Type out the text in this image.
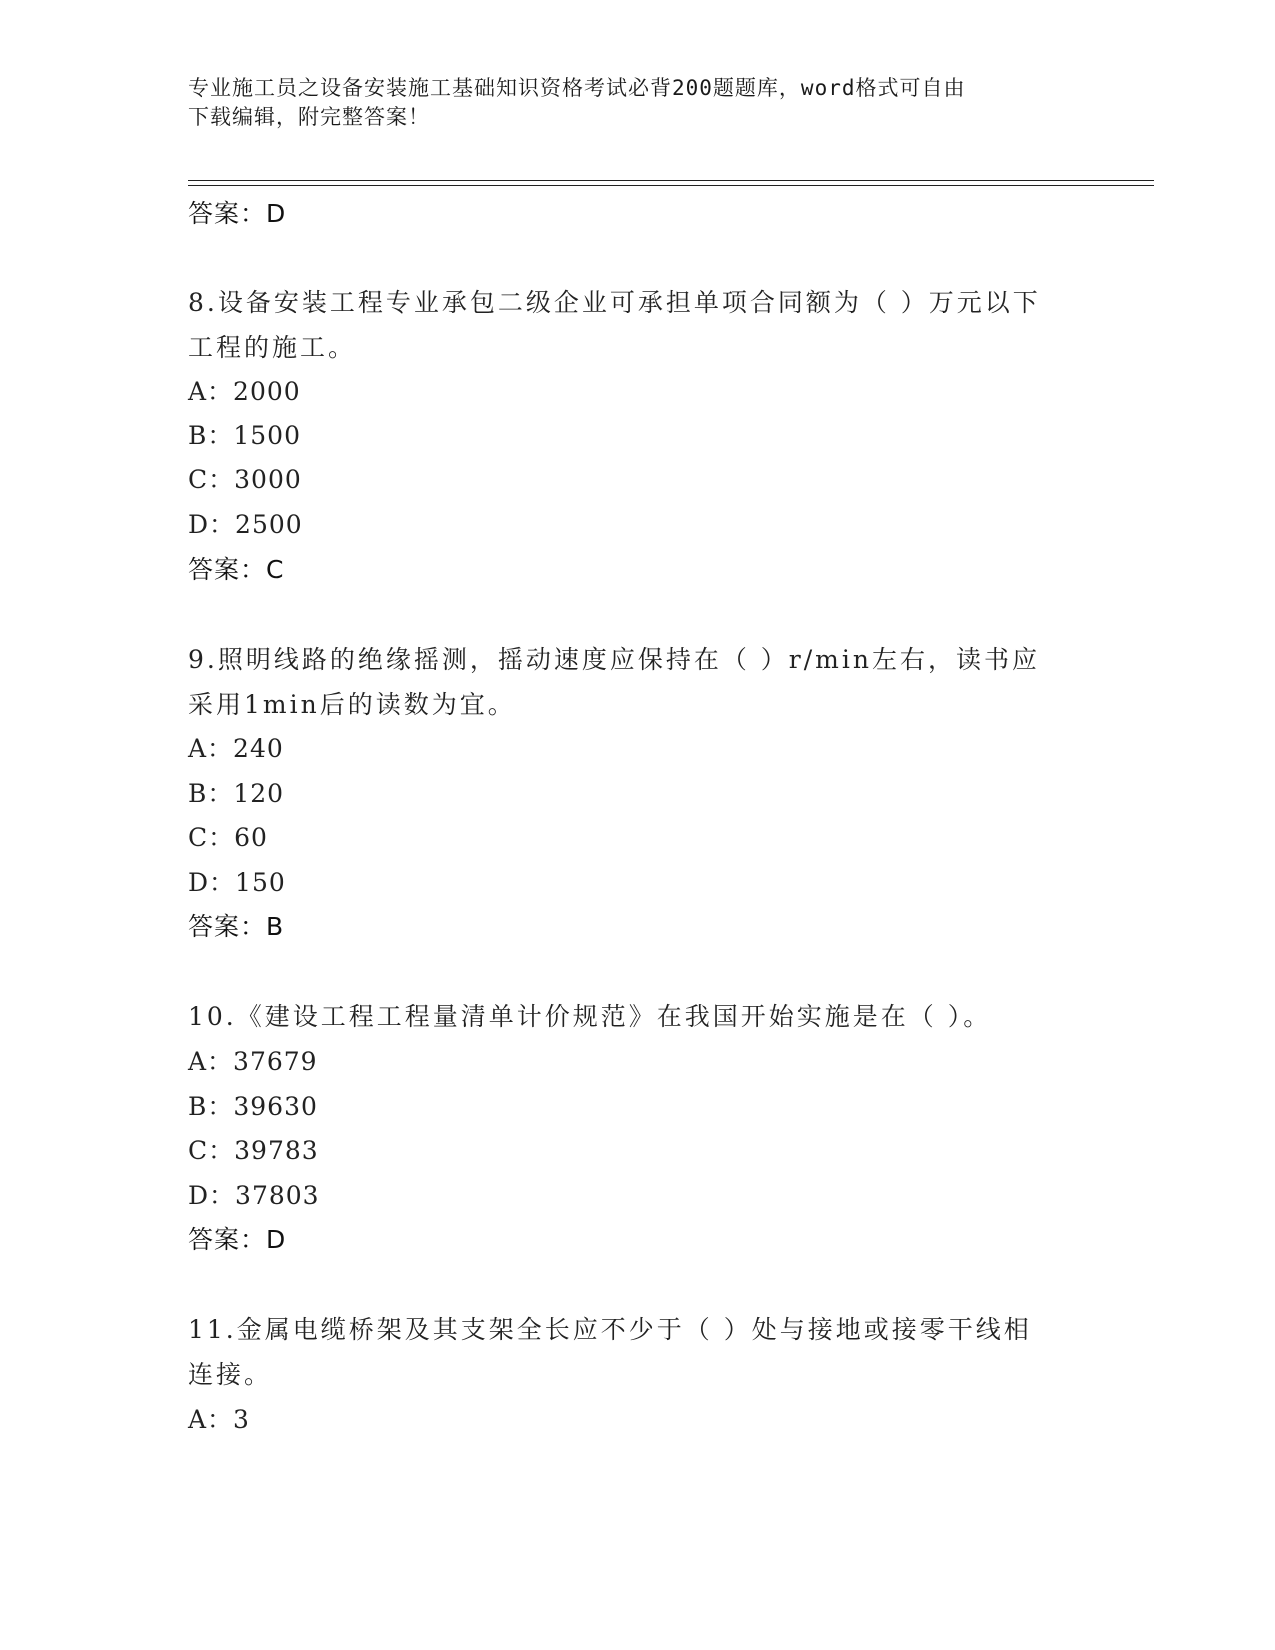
专业施工员之设备安装施工基础知识资格考试必背200题题库，word格式可自由
下载编辑，附完整答案！
答案：D
8.设备安装工程专业承包二级企业可承担单项合同额为（ ）万元以下
工程的施工。
A：2000
B：1500
C：3000
D：2500
答案：C
9.照明线路的绝缘摇测，摇动速度应保持在（ ）r/min左右，读书应
采用1min后的读数为宜。
A：240
B：120
C：60
D：150
答案：B
10.《建设工程工程量清单计价规范》在我国开始实施是在（ ）。
A：37679
B：39630
C：39783
D：37803
答案：D
11.金属电缆桥架及其支架全长应不少于（ ）处与接地或接零干线相
连接。
A：3
